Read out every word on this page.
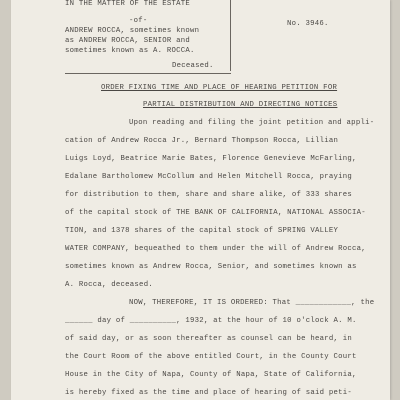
IN THE MATTER OF THE ESTATE
-of-
ANDREW ROCCA, sometimes known
as ANDREW ROCCA, SENIOR and
sometimes known as A. ROCCA.
Deceased.
No. 3946.
ORDER FIXING TIME AND PLACE OF HEARING PETITION FOR
PARTIAL DISTRIBUTION AND DIRECTING NOTICES
Upon reading and filing the joint petition and appli-
cation of Andrew Rocca Jr., Bernard Thompson Rocca, Lillian
Luigs Loyd, Beatrice Marie Bates, Florence Genevieve McFarling,
Edalane Bartholomew McCollum and Helen Mitchell Rocca, praying
for distribution to them, share and share alike, of 333 shares
of the capital stock of THE BANK OF CALIFORNIA, NATIONAL ASSOCIA-
TION, and 1378 shares of the capital stock of SPRING VALLEY
WATER COMPANY, bequeathed to them under the will of Andrew Rocca,
sometimes known as Andrew Rocca, Senior, and sometimes known as
A. Rocca, deceased.
NOW, THEREFORE, IT IS ORDERED: That ____________, the
______ day of __________, 1932, at the hour of 10 o'clock A. M.
of said day, or as soon thereafter as counsel can be heard, in
the Court Room of the above entitled Court, in the County Court
House in the City of Napa, County of Napa, State of California,
is hereby fixed as the time and place of hearing of said peti-
